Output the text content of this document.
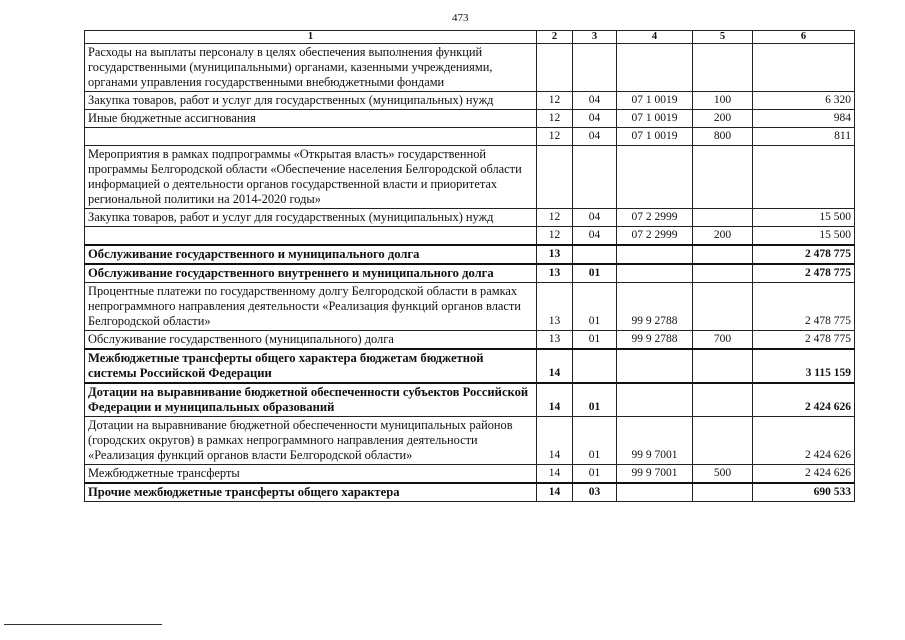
473
1	2	3	4	5	6
Расходы на выплаты персоналу в целях обеспечения выполнения функций государственными (муниципальными) органами, казенными учреждениями, органами управления государственными внебюджетными фондами					
Закупка товаров, работ и услуг для государственных (муниципальных) нужд	12	04	07 1 0019	100	6 320
Иные бюджетные ассигнования	12	04	07 1 0019	200	984
	12	04	07 1 0019	800	811
Мероприятия в рамках подпрограммы «Открытая власть» государственной программы Белгородской области «Обеспечение населения Белгородской области информацией о деятельности органов государственной власти и приоритетах региональной политики на 2014-2020 годы»					
Закупка товаров, работ и услуг для государственных (муниципальных) нужд	12	04	07 2 2999		15 500
	12	04	07 2 2999	200	15 500
Обслуживание государственного и муниципального долга	13				2 478 775
Обслуживание государственного внутреннего и муниципального долга	13	01			2 478 775
Процентные платежи по государственному долгу Белгородской области в рамках непрограммного направления деятельности «Реализация функций органов власти Белгородской области»	13	01	99 9 2788		2 478 775
Обслуживание государственного (муниципального) долга	13	01	99 9 2788	700	2 478 775
Межбюджетные трансферты общего характера бюджетам бюджетной системы Российской Федерации	14				3 115 159
Дотации на выравнивание бюджетной обеспеченности субъектов Российской Федерации и муниципальных образований	14	01			2 424 626
Дотации на выравнивание бюджетной обеспеченности муниципальных районов (городских округов) в рамках непрограммного направления деятельности «Реализация функций органов власти Белгородской области»	14	01	99 9 7001		2 424 626
Межбюджетные трансферты	14	01	99 9 7001	500	2 424 626
Прочие межбюджетные трансферты общего характера	14	03			690 533
